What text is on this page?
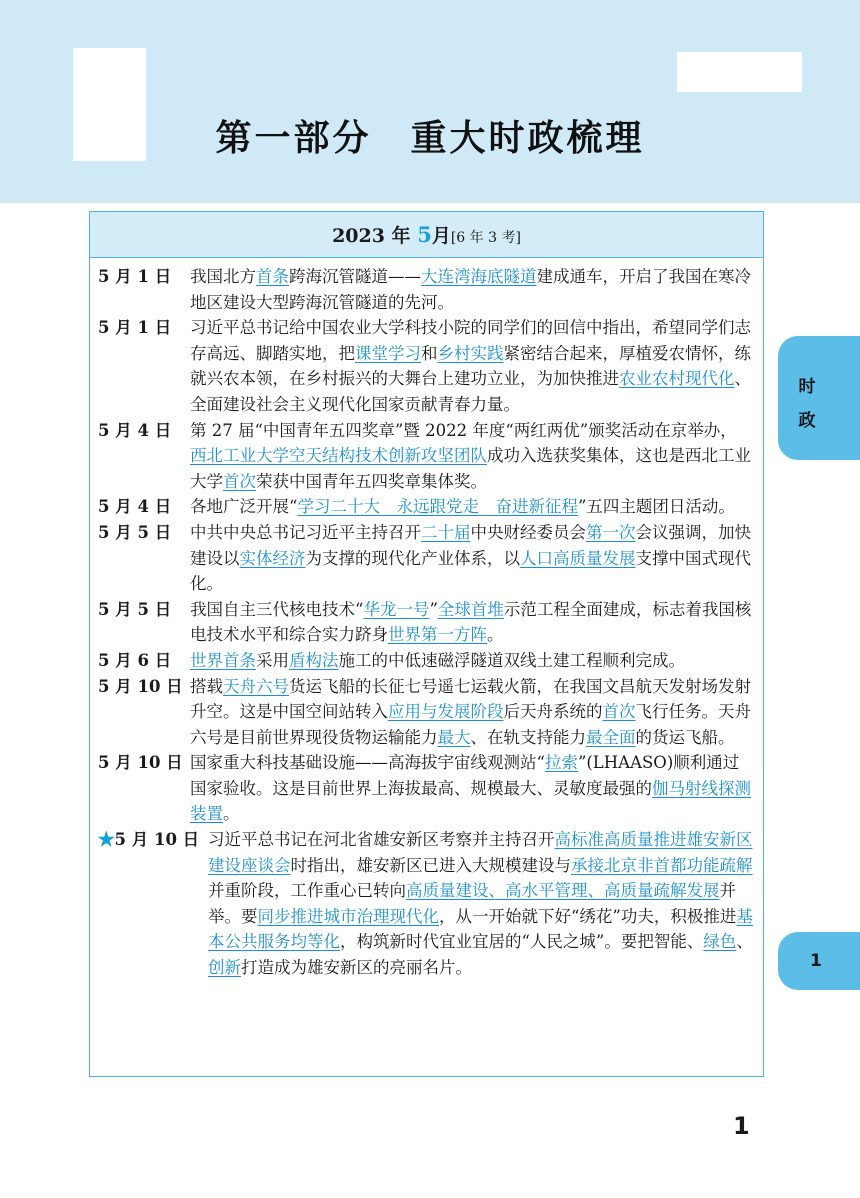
第一部分　重大时政梳理
2023 年 5月[6 年 3 考]
5 月 1 日	我国北方首条跨海沉管隧道——大连湾海底隧道建成通车，开启了我国在寒冷地区建设大型跨海沉管隧道的先河。
5 月 1 日	习近平总书记给中国农业大学科技小院的同学们的回信中指出，希望同学们志存高远、脚踏实地，把课堂学习和乡村实践紧密结合起来，厚植爱农情怀，练就兴农本领，在乡村振兴的大舞台上建功立业，为加快推进农业农村现代化、全面建设社会主义现代化国家贡献青春力量。
5 月 4 日	第 27 届“中国青年五四奖章”暨 2022 年度“两红两优”颁奖活动在京举办，西北工业大学空天结构技术创新攻坚团队成功入选获奖集体，这也是西北工业大学首次荣获中国青年五四奖章集体奖。
5 月 4 日	各地广泛开展“学习二十大　永远跟党走　奋进新征程”五四主题团日活动。
5 月 5 日	中共中央总书记习近平主持召开二十届中央财经委员会第一次会议强调，加快建设以实体经济为支撑的现代化产业体系，以人口高质量发展支撑中国式现代化。
5 月 5 日	我国自主三代核电技术“华龙一号”全球首堆示范工程全面建成，标志着我国核电技术水平和综合实力跻身世界第一方阵。
5 月 6 日	世界首条采用盾构法施工的中低速磁浮隧道双线土建工程顺利完成。
5 月 10 日 搭载天舟六号货运飞船的长征七号遥七运载火箭，在我国文昌航天发射场发射升空。这是中国空间站转入应用与发展阶段后天舟系统的首次飞行任务。天舟六号是目前世界现役货物运输能力最大、在轨支持能力最全面的货运飞船。
5 月 10 日 国家重大科技基础设施——高海拔宇宙线观测站“拉索”(LHAASO)顺利通过国家验收。这是目前世界上海拔最高、规模最大、灵敏度最强的伽马射线探测装置。
★5 月 10 日 习近平总书记在河北省雄安新区考察并主持召开高标准高质量推进雄安新区建设座谈会时指出，雄安新区已进入大规模建设与承接北京非首都功能疏解并重阶段，工作重心已转向高质量建设、高水平管理、高质量疏解发展并举。要同步推进城市治理现代化，从一开始就下好“绣花”功夫，积极推进基本公共服务均等化，构筑新时代宜业宜居的“人民之城”。要把智能、绿色、创新打造成为雄安新区的亮丽名片。
时
政
1
1
